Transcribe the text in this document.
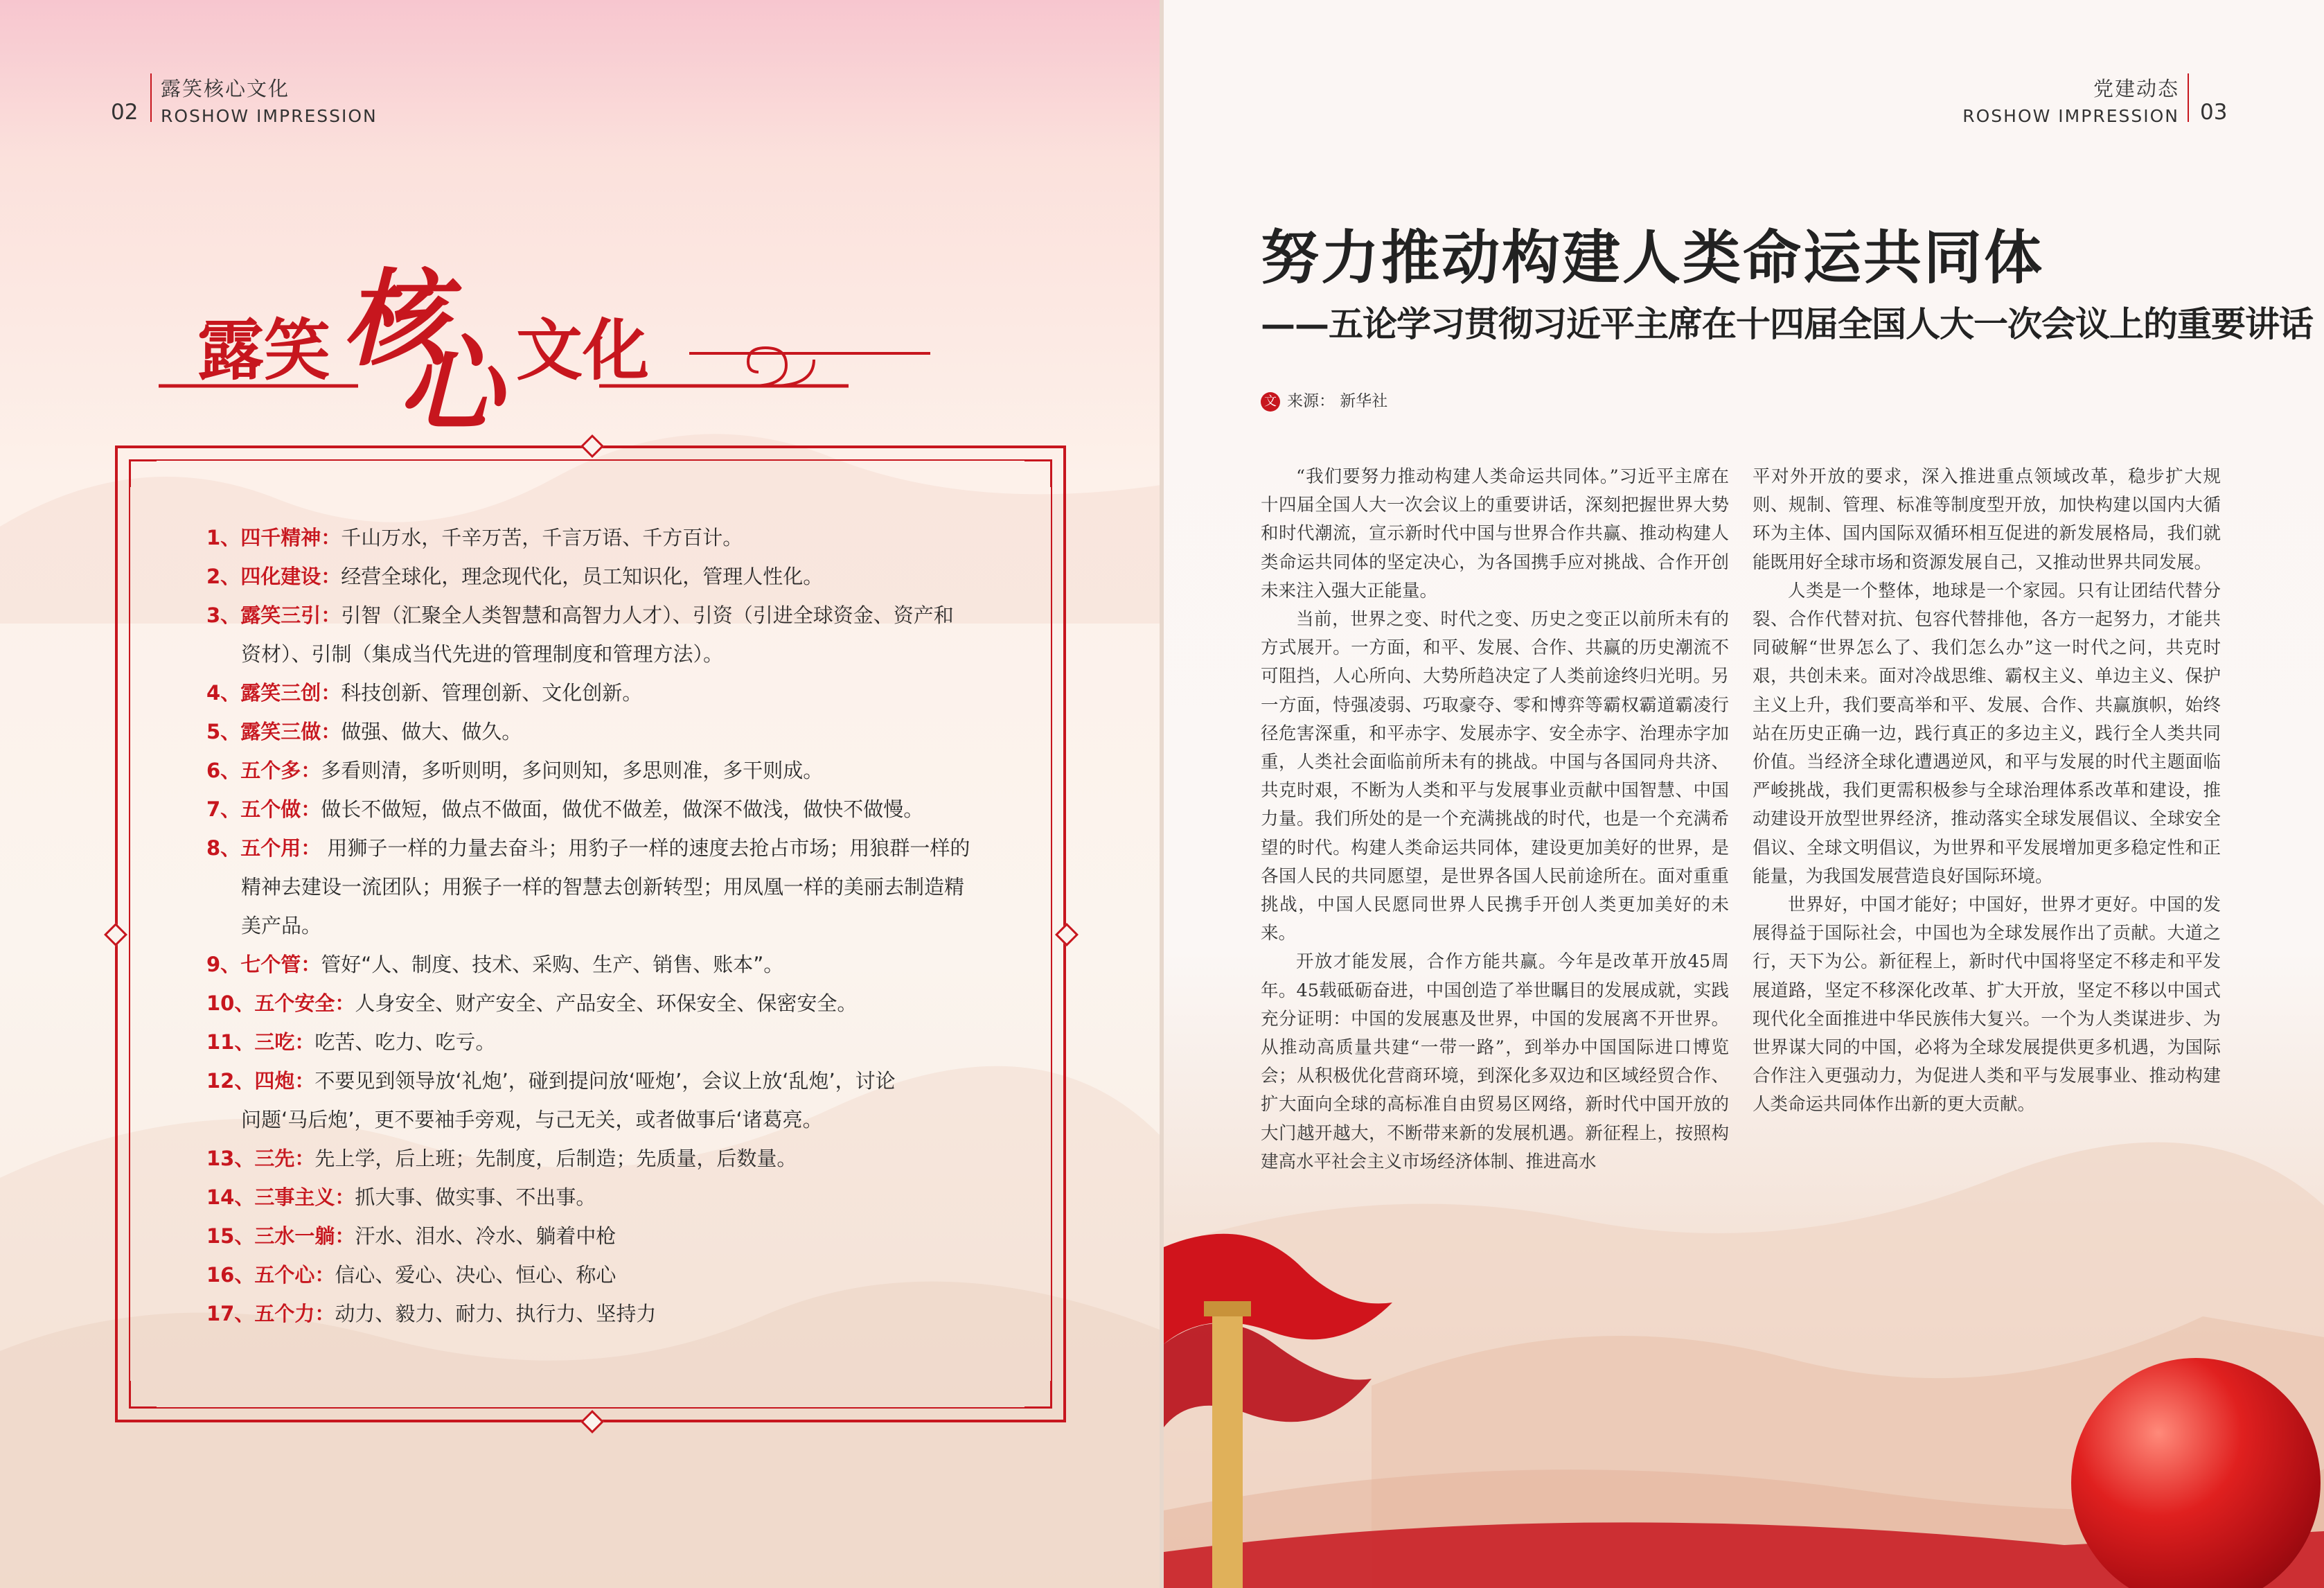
02
露笑核心文化
ROSHOW IMPRESSION
露笑 核
心 文化
1、四千精神：千山万水，千辛万苦，千言万语、千方百计。
2、四化建设：经营全球化，理念现代化，员工知识化，管理人性化。
3、露笑三引：引智（汇聚全人类智慧和高智力人才）、引资（引进全球资金、资产和
资材）、引制（集成当代先进的管理制度和管理方法）。
4、露笑三创：科技创新、管理创新、文化创新。
5、露笑三做：做强、做大、做久。
6、五个多：多看则清，多听则明，多问则知，多思则准，多干则成。
7、五个做：做长不做短，做点不做面，做优不做差，做深不做浅，做快不做慢。
8、五个用： 用狮子一样的力量去奋斗；用豹子一样的速度去抢占市场；用狼群一样的
精神去建设一流团队；用猴子一样的智慧去创新转型；用凤凰一样的美丽去制造精
美产品。
9、七个管：管好“人、制度、技术、采购、生产、销售、账本”。
10、五个安全：人身安全、财产安全、产品安全、环保安全、保密安全。
11、三吃：吃苦、吃力、吃亏。
12、四炮：不要见到领导放‘礼炮’，碰到提问放‘哑炮’，会议上放‘乱炮’，讨论
问题‘马后炮’，更不要袖手旁观，与己无关，或者做事后‘诸葛亮。
13、三先：先上学，后上班；先制度，后制造；先质量，后数量。
14、三事主义：抓大事、做实事、不出事。
15、三水一躺：汗水、泪水、冷水、躺着中枪
16、五个心：信心、爱心、决心、恒心、称心
17、五个力：动力、毅力、耐力、执行力、坚持力
党建动态
ROSHOW IMPRESSION 03
努力推动构建人类命运共同体
——五论学习贯彻习近平主席在十四届全国人大一次会议上的重要讲话
文 来源： 新华社

“我们要努力推动构建人类命运共同体。”习近平主席在十四届全国人大一次会议上的重要讲话，深刻把握世界大势和时代潮流，宣示新时代中国与世界合作共赢、推动构建人类命运共同体的坚定决心，为各国携手应对挑战、合作开创未来注入强大正能量。

当前，世界之变、时代之变、历史之变正以前所未有的方式展开。一方面，和平、发展、合作、共赢的历史潮流不可阻挡，人心所向、大势所趋决定了人类前途终归光明。另一方面，恃强凌弱、巧取豪夺、零和博弈等霸权霸道霸凌行径危害深重，和平赤字、发展赤字、安全赤字、治理赤字加重，人类社会面临前所未有的挑战。中国与各国同舟共济、共克时艰，不断为人类和平与发展事业贡献中国智慧、中国力量。我们所处的是一个充满挑战的时代，也是一个充满希望的时代。构建人类命运共同体，建设更加美好的世界，是各国人民的共同愿望，是世界各国人民前途所在。面对重重挑战，中国人民愿同世界人民携手开创人类更加美好的未来。

开放才能发展，合作方能共赢。今年是改革开放45周年。45载砥砺奋进，中国创造了举世瞩目的发展成就，实践充分证明：中国的发展惠及世界，中国的发展离不开世界。从推动高质量共建“一带一路”，到举办中国国际进口博览会；从积极优化营商环境，到深化多双边和区域经贸合作、扩大面向全球的高标准自由贸易区网络，新时代中国开放的大门越开越大，不断带来新的发展机遇。新征程上，按照构建高水平社会主义市场经济体制、推进高水

平对外开放的要求，深入推进重点领域改革，稳步扩大规则、规制、管理、标准等制度型开放，加快构建以国内大循环为主体、国内国际双循环相互促进的新发展格局，我们就能既用好全球市场和资源发展自己，又推动世界共同发展。

人类是一个整体，地球是一个家园。只有让团结代替分裂、合作代替对抗、包容代替排他，各方一起努力，才能共同破解“世界怎么了、我们怎么办”这一时代之问，共克时艰，共创未来。面对冷战思维、霸权主义、单边主义、保护主义上升，我们要高举和平、发展、合作、共赢旗帜，始终站在历史正确一边，践行真正的多边主义，践行全人类共同价值。当经济全球化遭遇逆风，和平与发展的时代主题面临严峻挑战，我们更需积极参与全球治理体系改革和建设，推动建设开放型世界经济，推动落实全球发展倡议、全球安全倡议、全球文明倡议，为世界和平发展增加更多稳定性和正能量，为我国发展营造良好国际环境。

世界好，中国才能好；中国好，世界才更好。中国的发展得益于国际社会，中国也为全球发展作出了贡献。大道之行，天下为公。新征程上，新时代中国将坚定不移走和平发展道路，坚定不移深化改革、扩大开放，坚定不移以中国式现代化全面推进中华民族伟大复兴。一个为人类谋进步、为世界谋大同的中国，必将为全球发展提供更多机遇，为国际合作注入更强动力，为促进人类和平与发展事业、推动构建人类命运共同体作出新的更大贡献。
